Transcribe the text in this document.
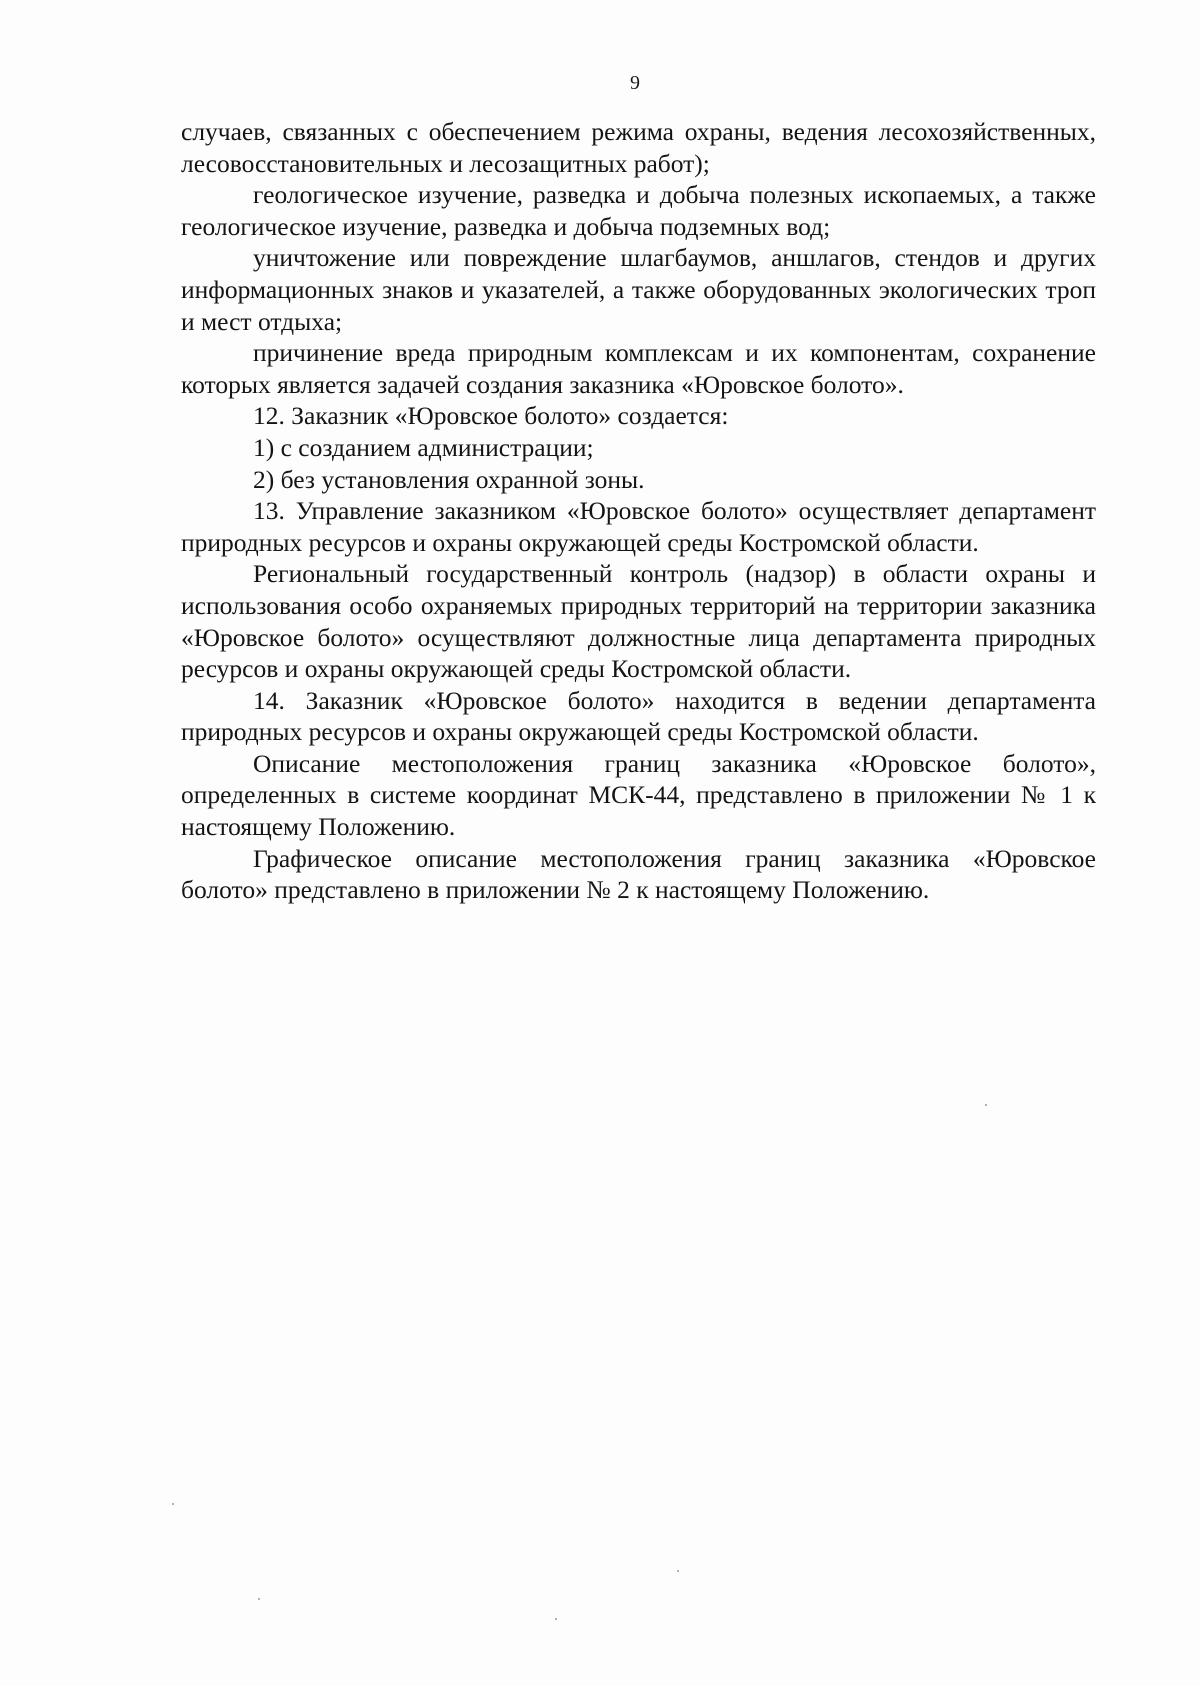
9

случаев, связанных с обеспечением режима охраны, ведения лесохозяйственных, лесовосстановительных и лесозащитных работ);

геологическое изучение, разведка и добыча полезных ископаемых, а также геологическое изучение, разведка и добыча подземных вод;

уничтожение или повреждение шлагбаумов, аншлагов, стендов и других информационных знаков и указателей, а также оборудованных экологических троп и мест отдыха;

причинение вреда природным комплексам и их компонентам, сохранение которых является задачей создания заказника «Юровское болото».

12. Заказник «Юровское болото» создается:

1) с созданием администрации;

2) без установления охранной зоны.

13. Управление заказником «Юровское болото» осуществляет департамент природных ресурсов и охраны окружающей среды Костромской области.

Региональный государственный контроль (надзор) в области охраны и использования особо охраняемых природных территорий на территории заказника «Юровское болото» осуществляют должностные лица департамента природных ресурсов и охраны окружающей среды Костромской области.

14. Заказник «Юровское болото» находится в ведении департамента природных ресурсов и охраны окружающей среды Костромской области.

Описание местоположения границ заказника «Юровское болото», определенных в системе координат МСК-44, представлено в приложении № 1 к настоящему Положению.

Графическое описание местоположения границ заказника «Юровское болото» представлено в приложении № 2 к настоящему Положению.
